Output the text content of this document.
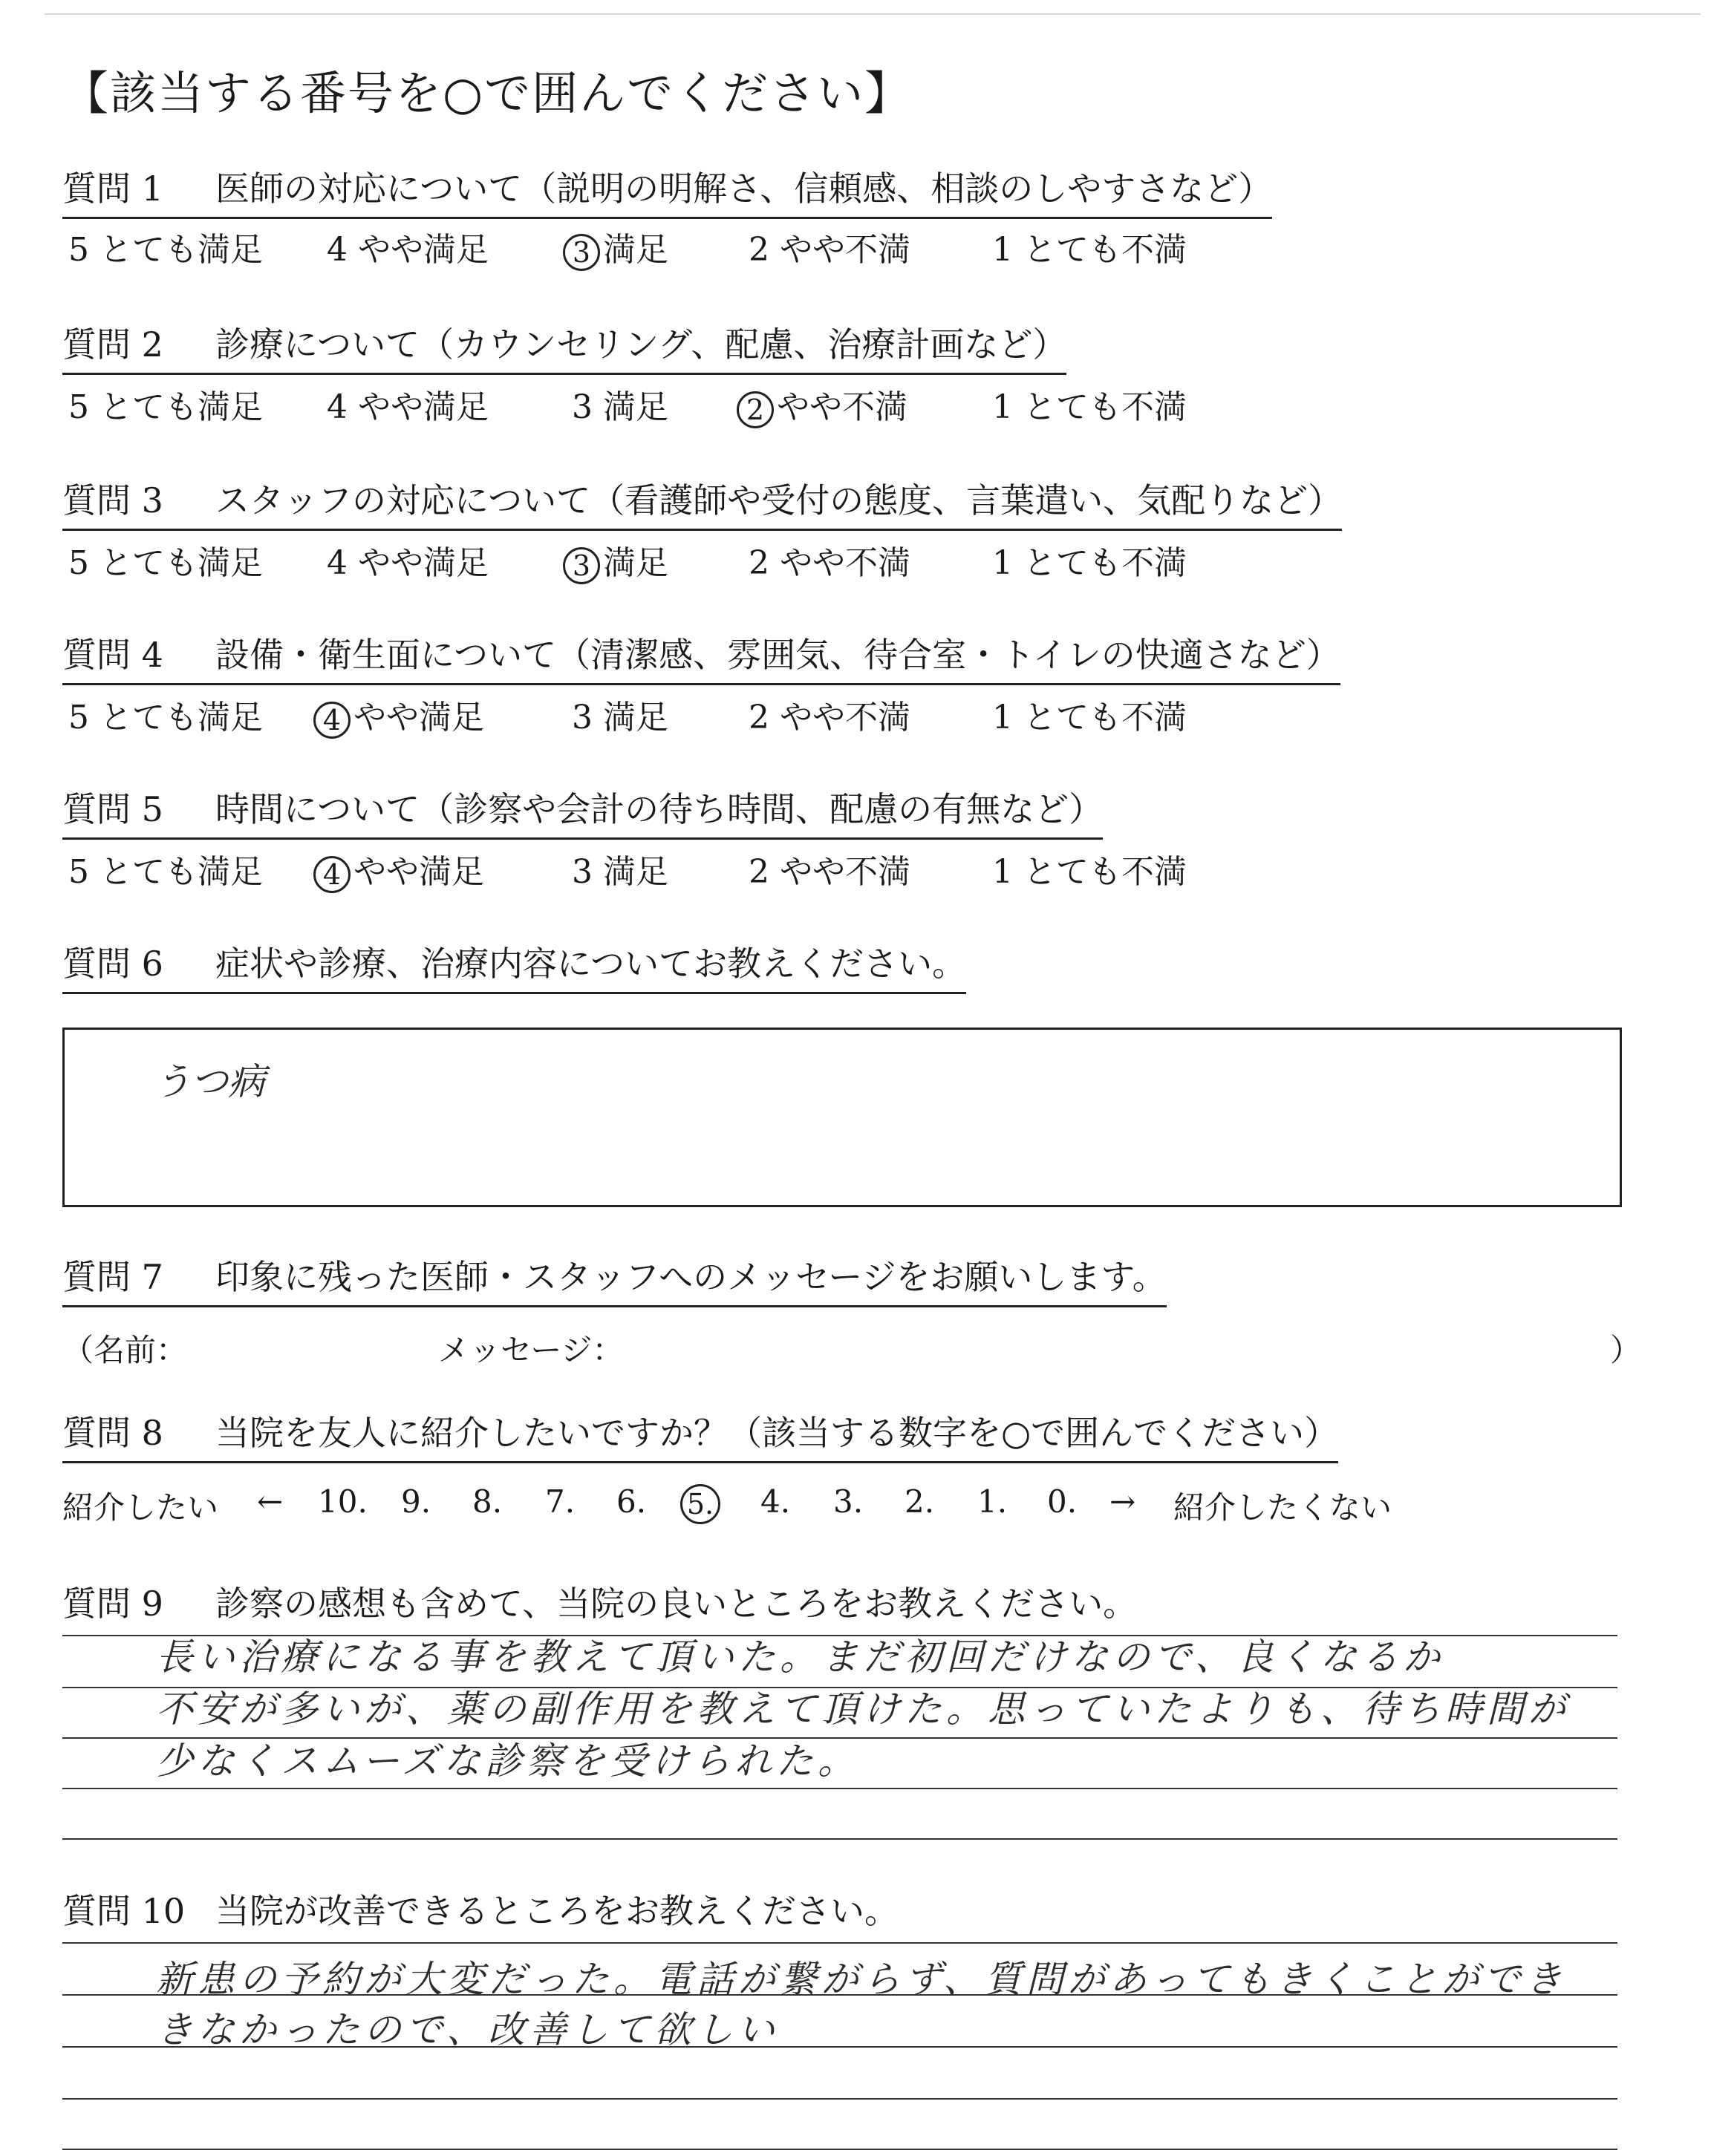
【該当する番号を○で囲んでください】
質問 1 医師の対応について（説明の明解さ、信頼感、相談のしやすさなど）
5 とても満足 4 やや満足	3 満足 2 やや不満	1 とても不満
質問 2 診療について（カウンセリング、配慮、治療計画など）
5 とても満足 4 やや満足	3 満足	2 やや不満	1 とても不満
質問 3 スタッフの対応について（看護師や受付の態度、言葉遣い、気配りなど）
5 とても満足 4 やや満足	3 満足 2 やや不満	1 とても不満
質問 4 設備・衛生面について（清潔感、雰囲気、待合室・トイレの快適さなど）
5 とても満足	4 やや満足	3 満足 2 やや不満	1 とても不満
質問 5 時間について（診察や会計の待ち時間、配慮の有無など）
5 とても満足	4 やや満足	3 満足 2 やや不満	1 とても不満
質問 6 症状や診療、治療内容についてお教えください。
うつ病
質問 7 印象に残った医師・スタッフへのメッセージをお願いします。
（名前：	メッセージ：	）
質問 8 当院を友人に紹介したいですか？（該当する数字を○で囲んでください）
紹介したい ← 10. 9. 8. 7. 6. 5.	4. 3. 2. 1. 0. → 紹介したくない
質問 9 診察の感想も含めて、当院の良いところをお教えください。
長い治療になる事を教えて頂いた。まだ初回だけなので、良くなるか
不安が多いが、薬の副作用を教えて頂けた。思っていたよりも、待ち時間が
少なくスムーズな診察を受けられた。
質問 10 当院が改善できるところをお教えください。
新患の予約が大変だった。電話が繋がらず、質問があってもきくことができ
きなかったので、改善して欲しい
